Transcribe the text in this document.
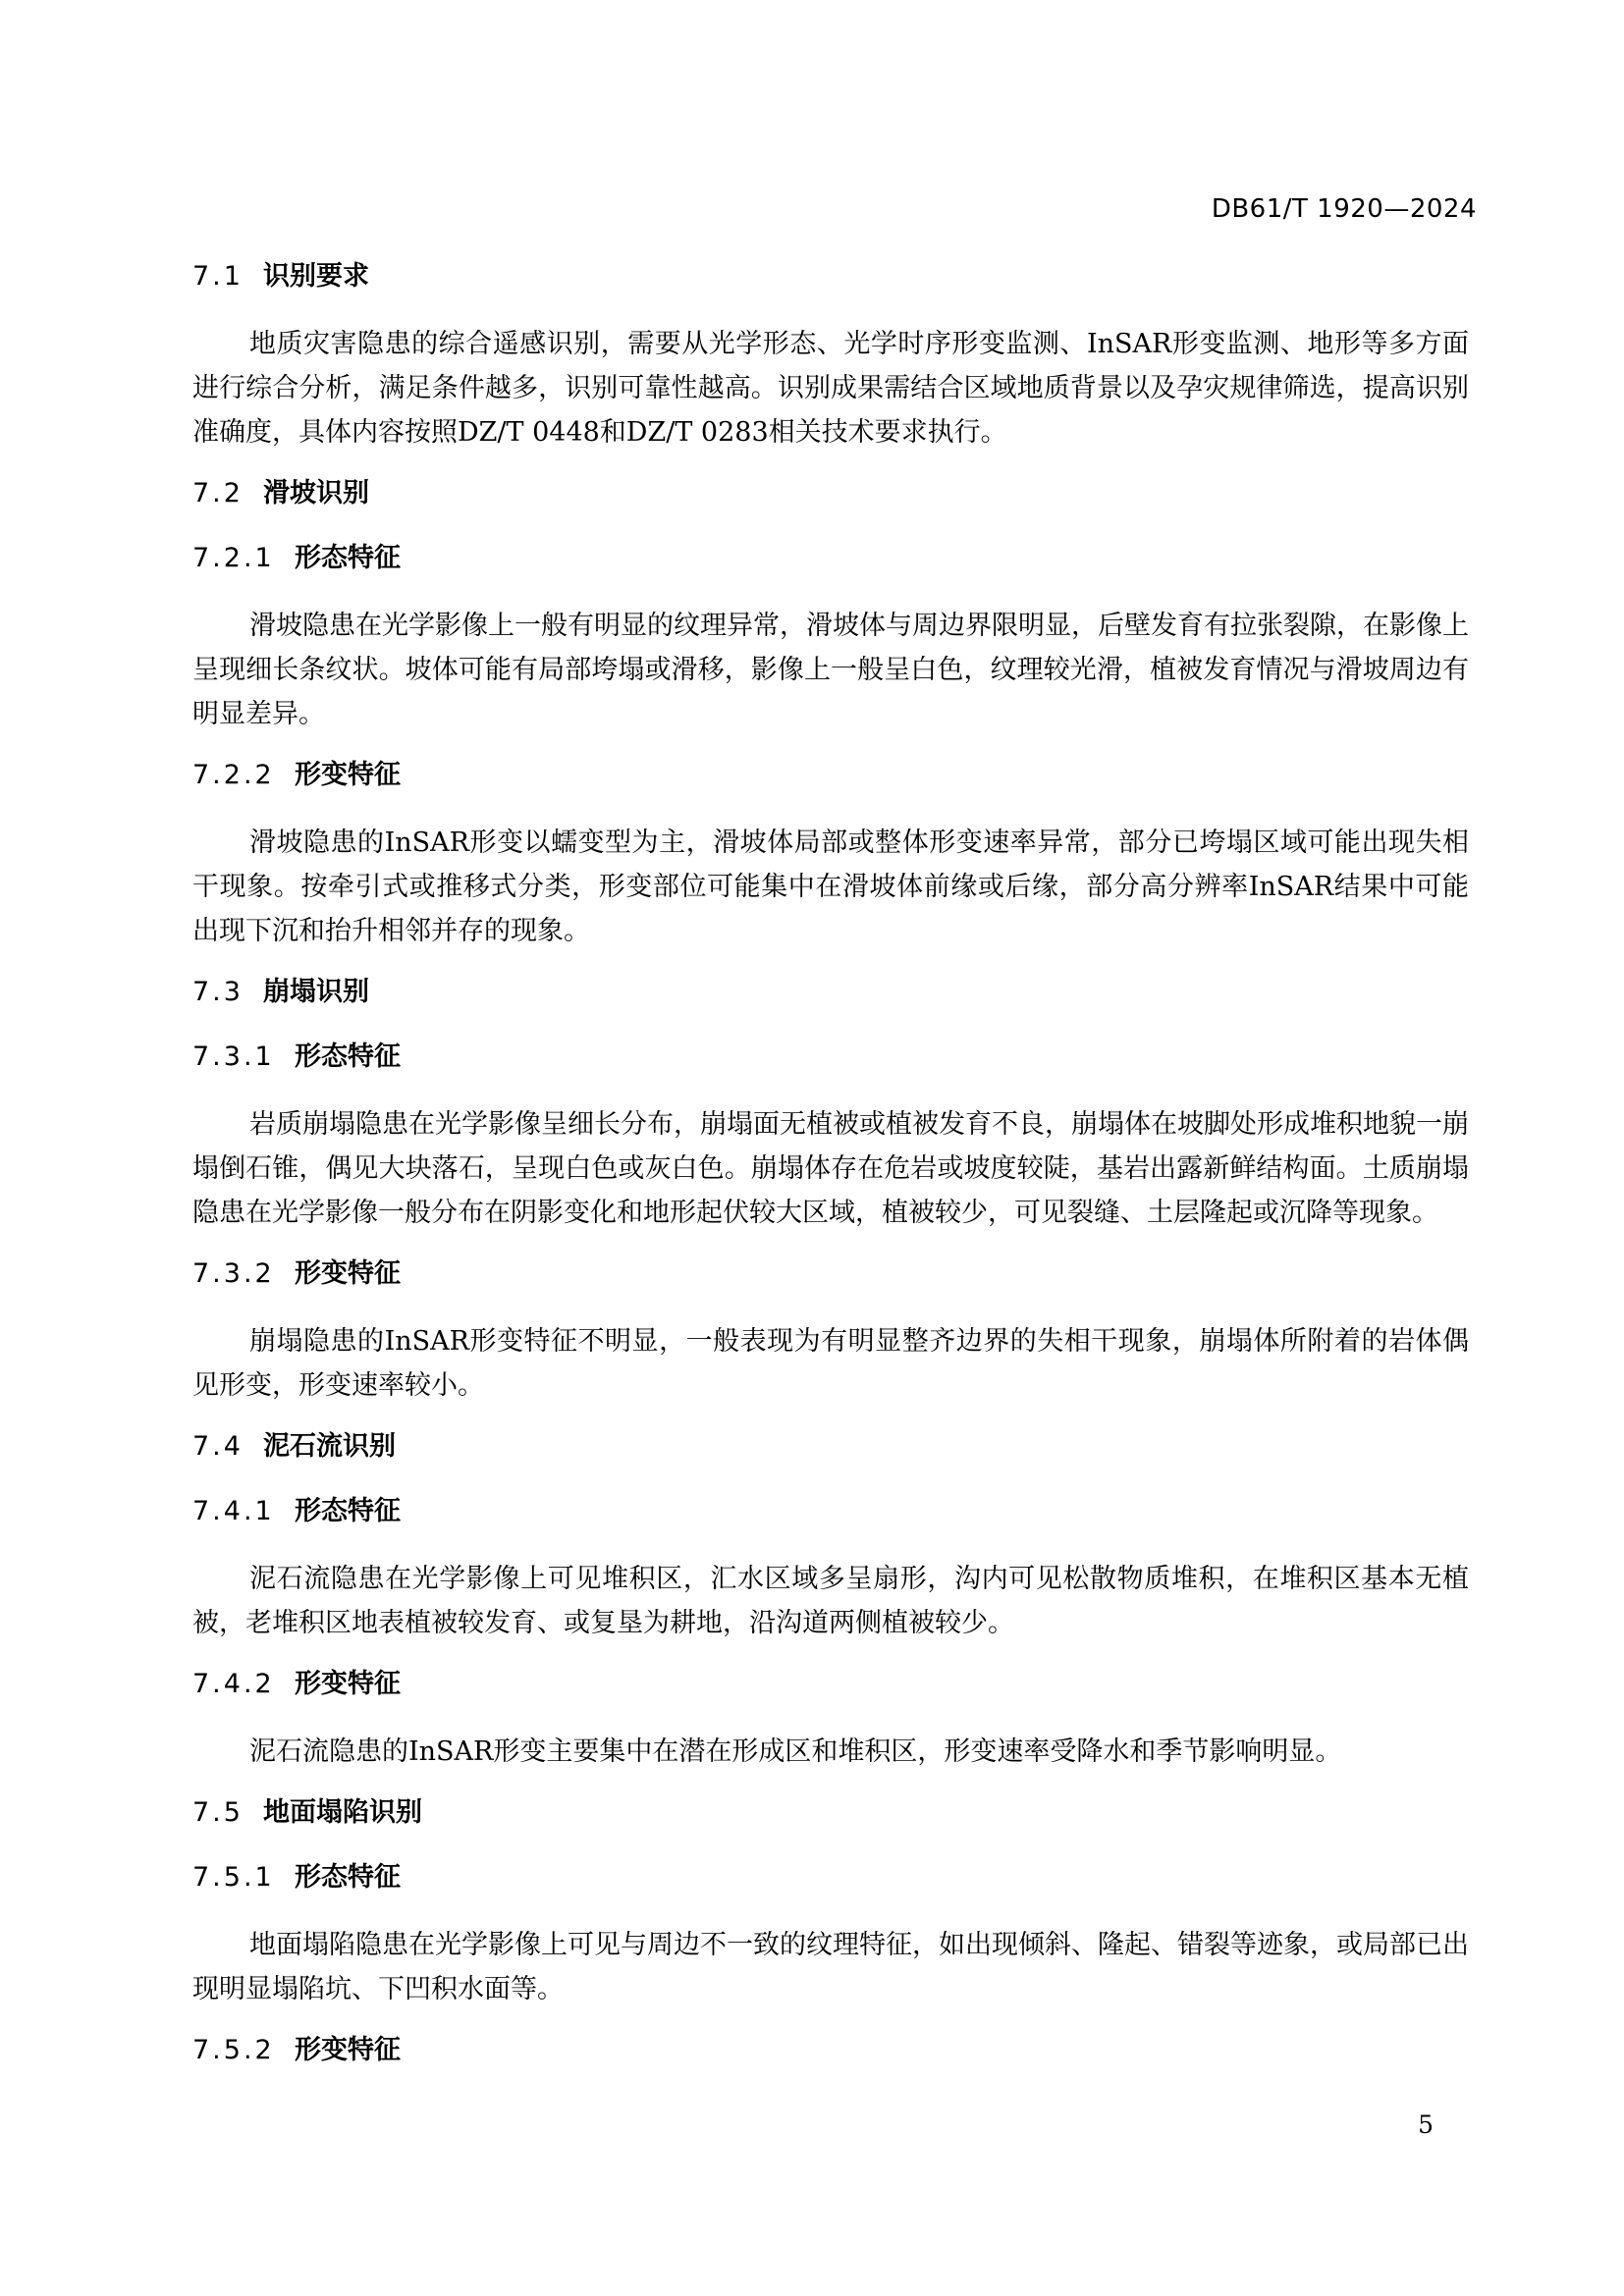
DB61/T 1920—2024
7.1 识别要求

地质灾害隐患的综合遥感识别，需要从光学形态、光学时序形变监测、InSAR形变监测、地形等多方面进行综合分析，满足条件越多，识别可靠性越高。识别成果需结合区域地质背景以及孕灾规律筛选，提高识别准确度，具体内容按照DZ/T 0448和DZ/T 0283相关技术要求执行。

7.2 滑坡识别
7.2.1 形态特征

滑坡隐患在光学影像上一般有明显的纹理异常，滑坡体与周边界限明显，后壁发育有拉张裂隙，在影像上呈现细长条纹状。坡体可能有局部垮塌或滑移，影像上一般呈白色，纹理较光滑，植被发育情况与滑坡周边有明显差异。

7.2.2 形变特征

滑坡隐患的InSAR形变以蠕变型为主，滑坡体局部或整体形变速率异常，部分已垮塌区域可能出现失相干现象。按牵引式或推移式分类，形变部位可能集中在滑坡体前缘或后缘，部分高分辨率InSAR结果中可能出现下沉和抬升相邻并存的现象。

7.3 崩塌识别
7.3.1 形态特征

岩质崩塌隐患在光学影像呈细长分布，崩塌面无植被或植被发育不良，崩塌体在坡脚处形成堆积地貌一崩塌倒石锥，偶见大块落石，呈现白色或灰白色。崩塌体存在危岩或坡度较陡，基岩出露新鲜结构面。土质崩塌隐患在光学影像一般分布在阴影变化和地形起伏较大区域，植被较少，可见裂缝、土层隆起或沉降等现象。

7.3.2 形变特征

崩塌隐患的InSAR形变特征不明显，一般表现为有明显整齐边界的失相干现象，崩塌体所附着的岩体偶见形变，形变速率较小。

7.4 泥石流识别
7.4.1 形态特征

泥石流隐患在光学影像上可见堆积区，汇水区域多呈扇形，沟内可见松散物质堆积，在堆积区基本无植被，老堆积区地表植被较发育、或复垦为耕地，沿沟道两侧植被较少。

7.4.2 形变特征

泥石流隐患的InSAR形变主要集中在潜在形成区和堆积区，形变速率受降水和季节影响明显。

7.5 地面塌陷识别
7.5.1 形态特征

地面塌陷隐患在光学影像上可见与周边不一致的纹理特征，如出现倾斜、隆起、错裂等迹象，或局部已出现明显塌陷坑、下凹积水面等。

7.5.2 形变特征
5
